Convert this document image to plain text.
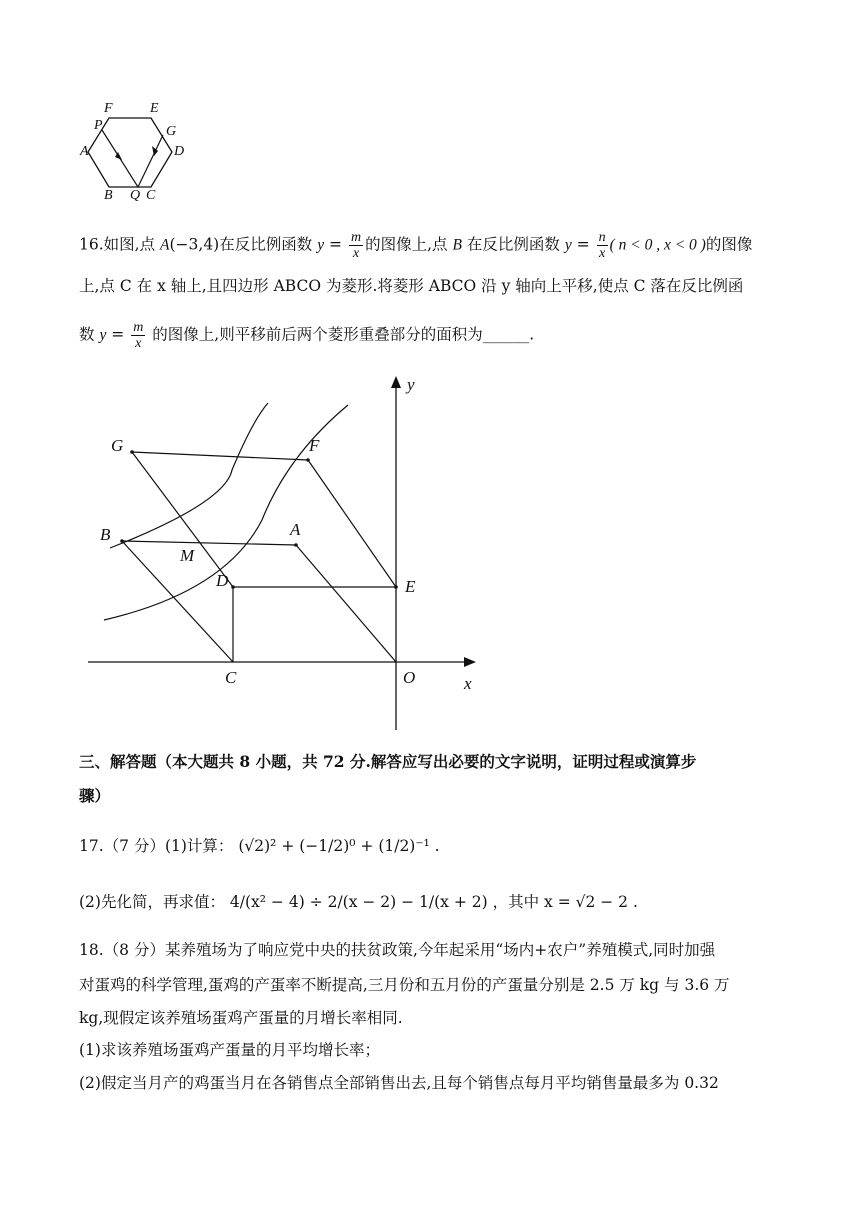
F	E
P	G
A	D
B Q C
16.如图,点 A(−3,4)在反比例函数 $y = \frac{m}{x}$ 的图像上,点 B 在反比例函数 $y = \frac{n}{x}$ ( n < 0 , x < 0 )的图像
上,点 C 在 x 轴上,且四边形 ABCO 为菱形.将菱形 ABCO 沿 y 轴向上平移,使点 C 落在反比例函
数 $y = \frac{m}{x}$ 的图像上,则平移前后两个菱形重叠部分的面积为______.
y
G	F
B	A
M
D	E
C	O	x
三、解答题（本大题共 8 小题，共 72 分.解答应写出必要的文字说明，证明过程或演算步
骤）
17.（7 分）(1)计算： (√2)² + (−1/2)⁰ + (1/2)⁻¹ .
(2)先化简，再求值： 4/(x² − 4) ÷ 2/(x − 2) − 1/(x + 2) ，其中 x = √2 − 2 .
18.（8 分）某养殖场为了响应党中央的扶贫政策,今年起采用“场内+农户”养殖模式,同时加强
对蛋鸡的科学管理,蛋鸡的产蛋率不断提高,三月份和五月份的产蛋量分别是 2.5 万 kg 与 3.6 万
kg,现假定该养殖场蛋鸡产蛋量的月增长率相同.
(1)求该养殖场蛋鸡产蛋量的月平均增长率；
(2)假定当月产的鸡蛋当月在各销售点全部销售出去,且每个销售点每月平均销售量最多为 0.32
